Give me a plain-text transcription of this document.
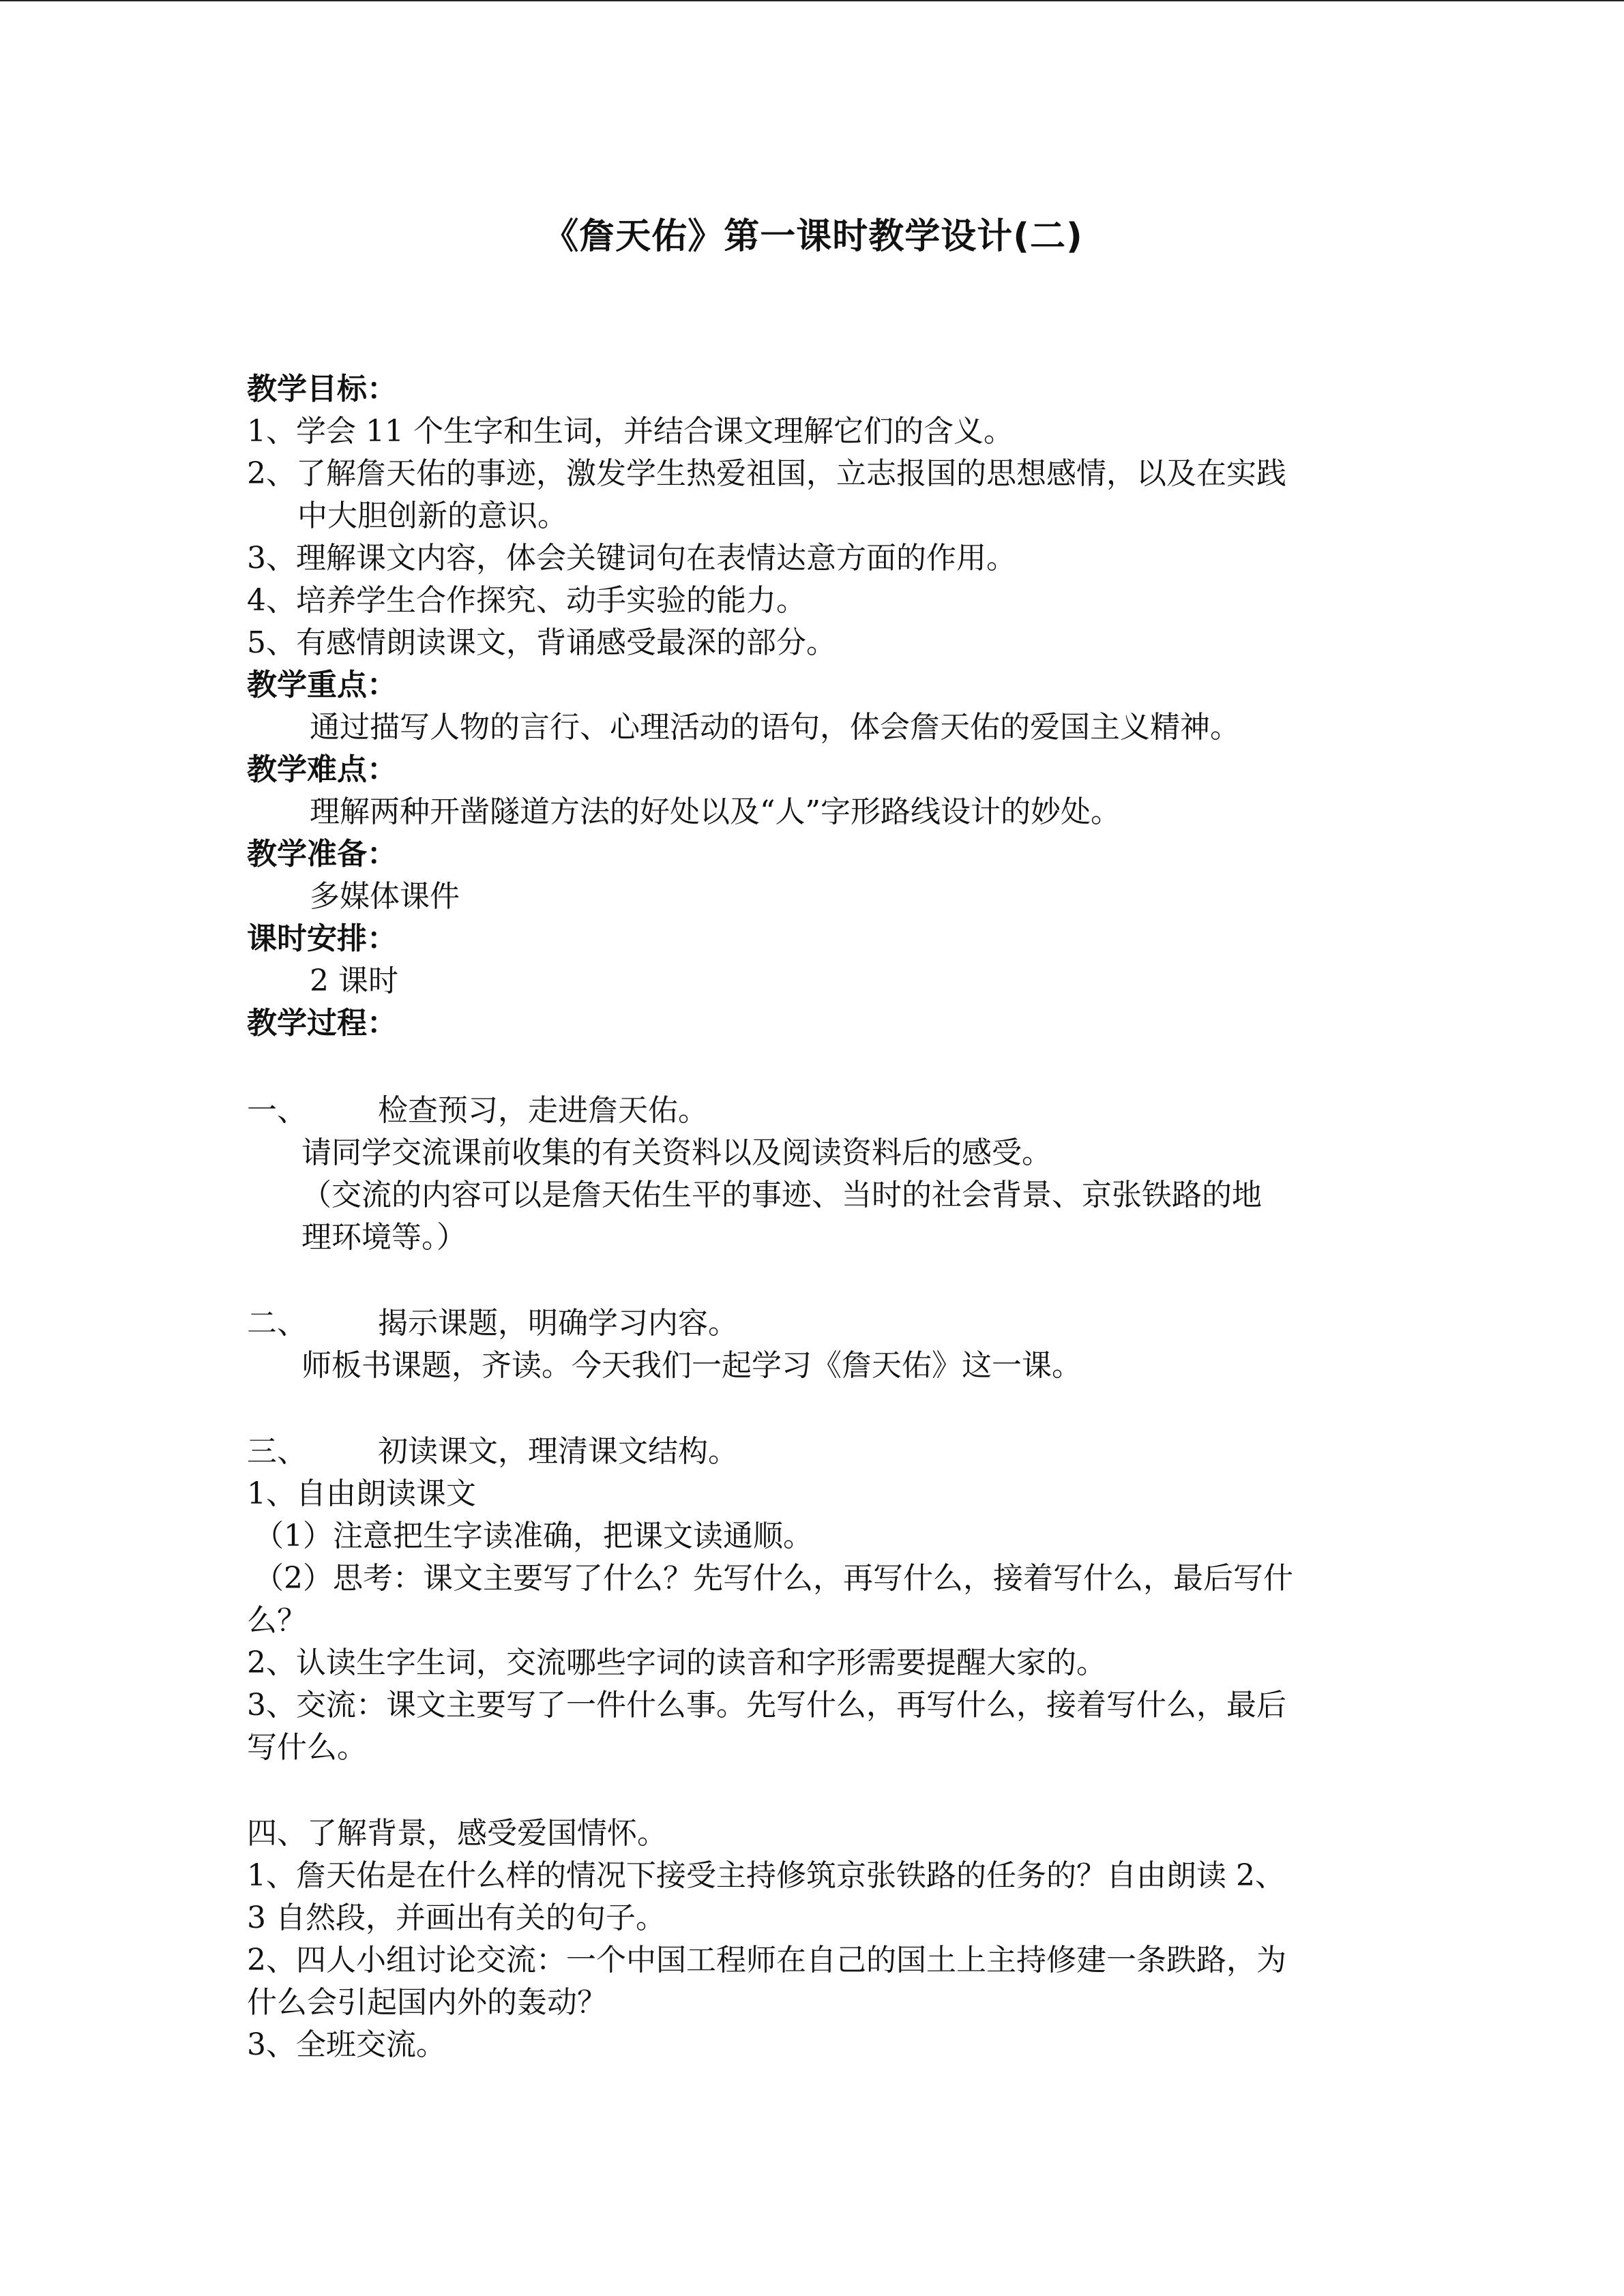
《詹天佑》第一课时教学设计(二)
教学目标：
1、学会 11 个生字和生词，并结合课文理解它们的含义。
2、了解詹天佑的事迹，激发学生热爱祖国，立志报国的思想感情，以及在实践
中大胆创新的意识。
3、理解课文内容，体会关键词句在表情达意方面的作用。
4、培养学生合作探究、动手实验的能力。
5、有感情朗读课文，背诵感受最深的部分。
教学重点：
通过描写人物的言行、心理活动的语句，体会詹天佑的爱国主义精神。
教学难点：
理解两种开凿隧道方法的好处以及“人”字形路线设计的妙处。
教学准备：
多媒体课件
课时安排：
2 课时
教学过程：
一、 检查预习，走进詹天佑。
请同学交流课前收集的有关资料以及阅读资料后的感受。
（交流的内容可以是詹天佑生平的事迹、当时的社会背景、京张铁路的地
理环境等。）
二、 揭示课题，明确学习内容。
师板书课题，齐读。今天我们一起学习《詹天佑》这一课。
三、 初读课文，理清课文结构。
1、自由朗读课文
（1）注意把生字读准确，把课文读通顺。
（2）思考：课文主要写了什么？先写什么，再写什么，接着写什么，最后写什
么？
2、认读生字生词，交流哪些字词的读音和字形需要提醒大家的。
3、交流：课文主要写了一件什么事。先写什么，再写什么，接着写什么，最后
写什么。
四、了解背景，感受爱国情怀。
1、詹天佑是在什么样的情况下接受主持修筑京张铁路的任务的？自由朗读 2、
3 自然段，并画出有关的句子。
2、四人小组讨论交流：一个中国工程师在自己的国土上主持修建一条跌路，为
什么会引起国内外的轰动？
3、全班交流。
